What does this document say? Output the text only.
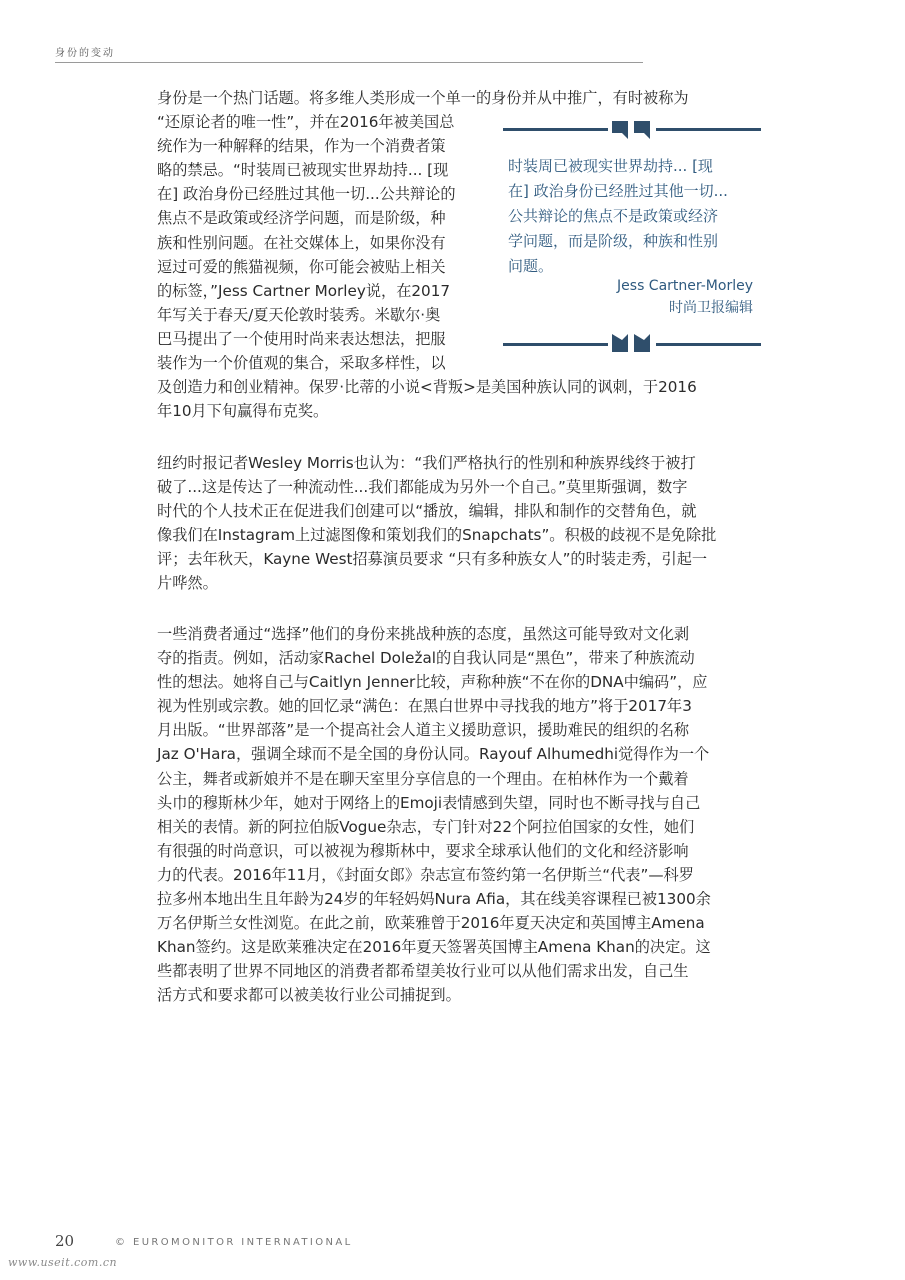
身份的变动
身份是一个热门话题。将多维人类形成一个单一的身份并从中推广，有时被称为
“还原论者的唯一性”，并在2016年被美国总
统作为一种解释的结果，作为一个消费者策
略的禁忌。“时装周已被现实世界劫持... [现
在] 政治身份已经胜过其他一切...公共辩论的
焦点不是政策或经济学问题，而是阶级，种
族和性别问题。在社交媒体上，如果你没有
逗过可爱的熊猫视频，你可能会被贴上相关
的标签，”Jess Cartner Morley说，在2017
年写关于春天/夏天伦敦时装秀。米歇尔·奥
巴马提出了一个使用时尚来表达想法，把服
装作为一个价值观的集合，采取多样性，以
及创造力和创业精神。保罗·比蒂的小说<背叛>是美国种族认同的讽刺，于2016
年10月下旬赢得布克奖。
时装周已被现实世界劫持... [现
在] 政治身份已经胜过其他一切...
公共辩论的焦点不是政策或经济
学问题，而是阶级，种族和性别
问题。
Jess Cartner-Morley
时尚卫报编辑
纽约时报记者Wesley Morris也认为：“我们严格执行的性别和种族界线终于被打
破了...这是传达了一种流动性...我们都能成为另外一个自己。”莫里斯强调，数字
时代的个人技术正在促进我们创建可以“播放，编辑，排队和制作的交替角色，就
像我们在Instagram上过滤图像和策划我们的Snapchats”。积极的歧视不是免除批
评；去年秋天，Kayne West招募演员要求 “只有多种族女人”的时装走秀，引起一
片哗然。
一些消费者通过“选择”他们的身份来挑战种族的态度，虽然这可能导致对文化剥
夺的指责。例如，活动家Rachel Doležal的自我认同是“黑色”，带来了种族流动
性的想法。她将自己与Caitlyn Jenner比较，声称种族“不在你的DNA中编码”，应
视为性别或宗教。她的回忆录“满色：在黑白世界中寻找我的地方”将于2017年3
月出版。“世界部落”是一个提高社会人道主义援助意识，援助难民的组织的名称
Jaz O'Hara，强调全球而不是全国的身份认同。Rayouf Alhumedhi觉得作为一个
公主，舞者或新娘并不是在聊天室里分享信息的一个理由。在柏林作为一个戴着
头巾的穆斯林少年，她对于网络上的Emoji表情感到失望，同时也不断寻找与自己
相关的表情。新的阿拉伯版Vogue杂志，专门针对22个阿拉伯国家的女性，她们
有很强的时尚意识，可以被视为穆斯林中，要求全球承认他们的文化和经济影响
力的代表。2016年11月，《封面女郎》杂志宣布签约第一名伊斯兰“代表”—科罗
拉多州本地出生且年龄为24岁的年轻妈妈Nura Afia，其在线美容课程已被1300余
万名伊斯兰女性浏览。在此之前，欧莱雅曾于2016年夏天决定和英国博主Amena
Khan签约。这是欧莱雅决定在2016年夏天签署英国博主Amena Khan的决定。这
些都表明了世界不同地区的消费者都希望美妆行业可以从他们需求出发，自己生
活方式和要求都可以被美妆行业公司捕捉到。
20	© EUROMONITOR INTERNATIONAL
www.useit.com.cn
